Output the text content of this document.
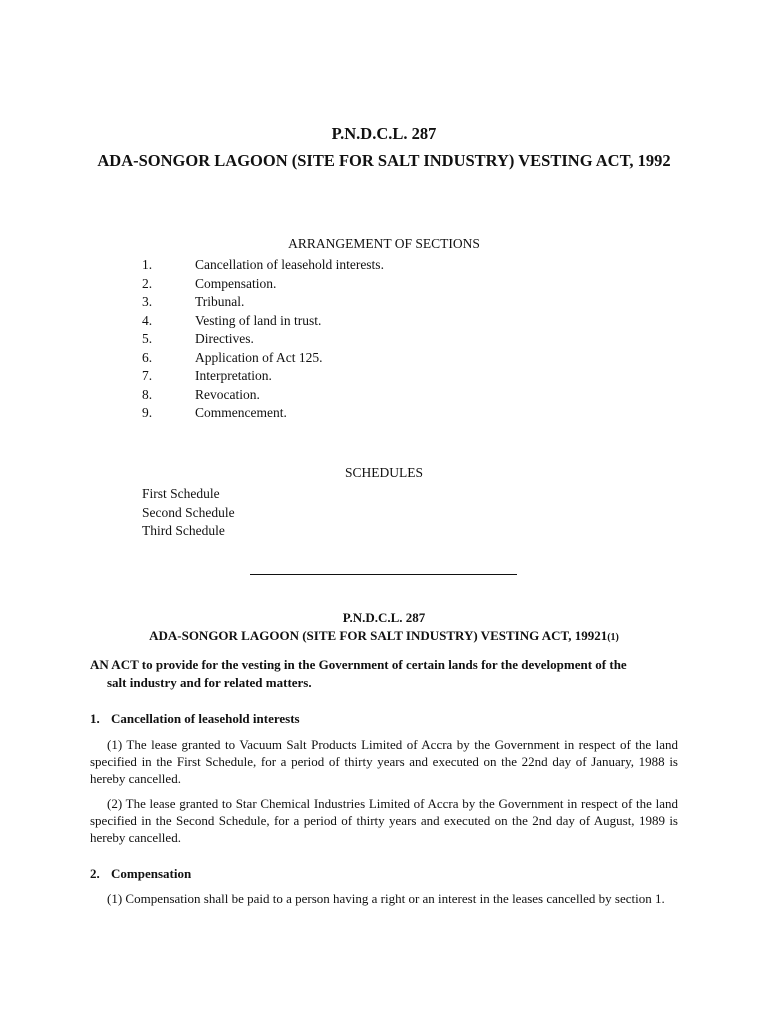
P.N.D.C.L. 287
ADA-SONGOR LAGOON (SITE FOR SALT INDUSTRY) VESTING ACT, 1992
ARRANGEMENT OF SECTIONS
1.	Cancellation of leasehold interests.
2.	Compensation.
3.	Tribunal.
4.	Vesting of land in trust.
5.	Directives.
6.	Application of Act 125.
7.	Interpretation.
8.	Revocation.
9.	Commencement.
SCHEDULES
First Schedule
Second Schedule
Third Schedule
P.N.D.C.L. 287
ADA-SONGOR LAGOON (SITE FOR SALT INDUSTRY) VESTING ACT, 19921(1)
AN ACT to provide for the vesting in the Government of certain lands for the development of the
salt industry and for related matters.
1. Cancellation of leasehold interests
(1) The lease granted to Vacuum Salt Products Limited of Accra by the Government in respect of the land specified in the First Schedule, for a period of thirty years and executed on the 22nd day of January, 1988 is hereby cancelled.
(2) The lease granted to Star Chemical Industries Limited of Accra by the Government in respect of the land specified in the Second Schedule, for a period of thirty years and executed on the 2nd day of August, 1989 is hereby cancelled.
2. Compensation
(1) Compensation shall be paid to a person having a right or an interest in the leases cancelled by section 1.
